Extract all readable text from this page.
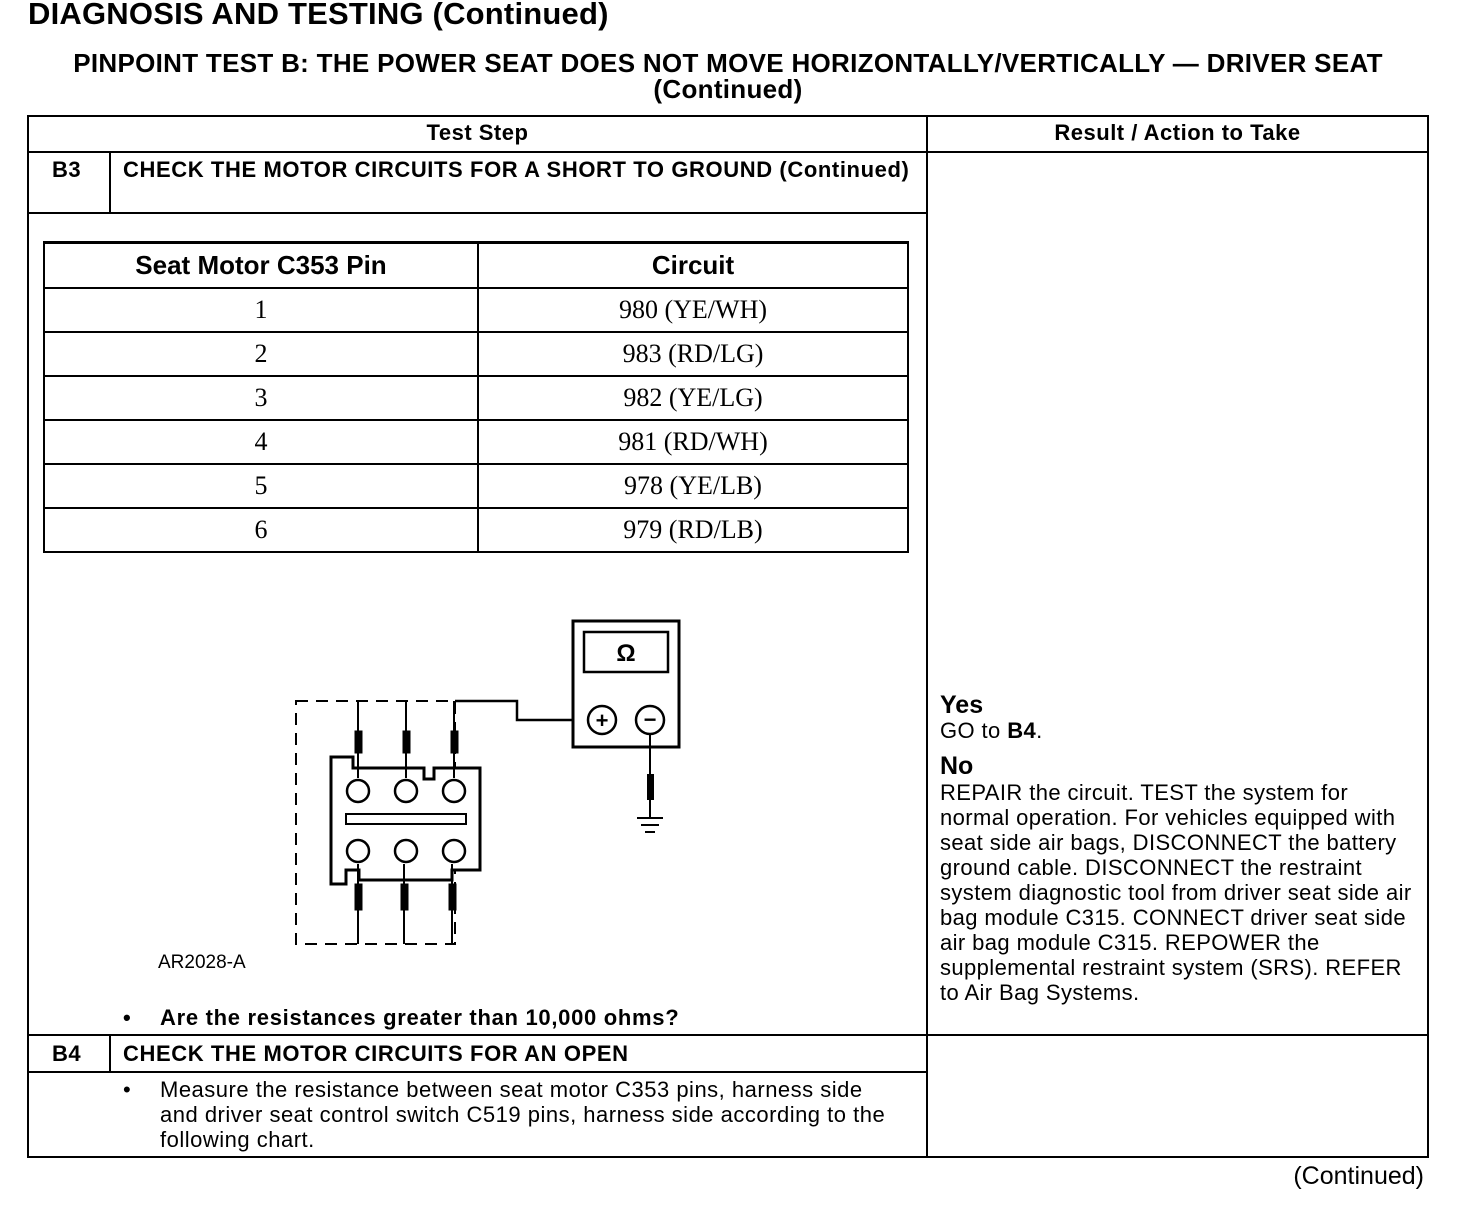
DIAGNOSIS AND TESTING (Continued)
PINPOINT TEST B: THE POWER SEAT DOES NOT MOVE HORIZONTALLY/VERTICALLY — DRIVER SEAT (Continued)
Test Step	Result / Action to Take
B3 CHECK THE MOTOR CIRCUITS FOR A SHORT TO GROUND (Continued)
Seat Motor C353 Pin	Circuit
1	980 (YE/WH)
2	983 (RD/LG)
3	982 (YE/LG)
4	981 (RD/WH)
5	978 (YE/LB)
6	979 (RD/LB)
Ω
+ −
AR2028-A
• Are the resistances greater than 10,000 ohms?
Yes
GO to B4.
No
REPAIR the circuit. TEST the system for normal operation. For vehicles equipped with seat side air bags, DISCONNECT the battery ground cable. DISCONNECT the restraint system diagnostic tool from driver seat side air bag module C315. CONNECT driver seat side air bag module C315. REPOWER the supplemental restraint system (SRS). REFER to Air Bag Systems.
B4 CHECK THE MOTOR CIRCUITS FOR AN OPEN
• Measure the resistance between seat motor C353 pins, harness side and driver seat control switch C519 pins, harness side according to the following chart.
(Continued)
